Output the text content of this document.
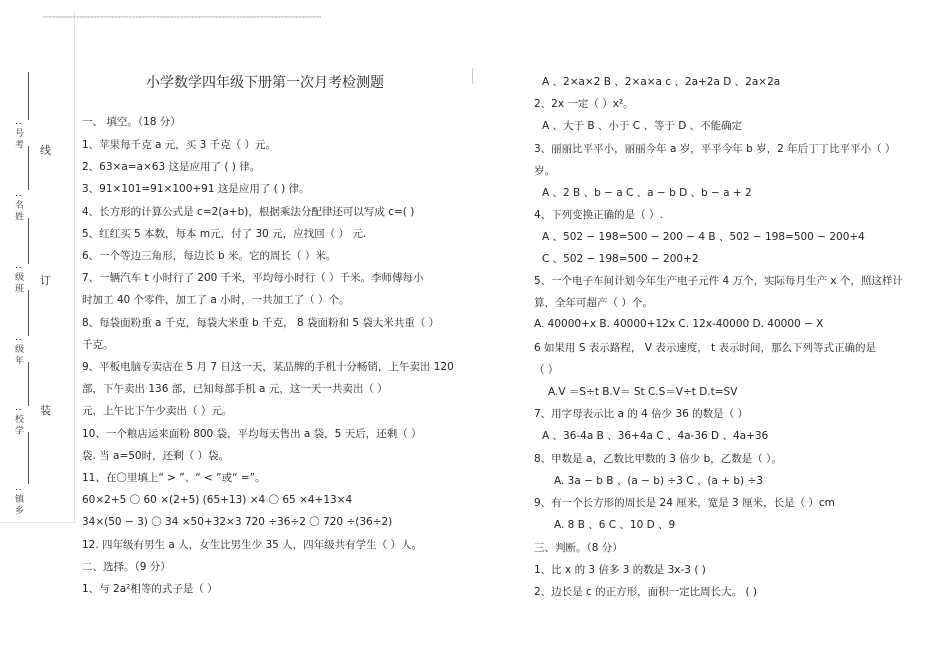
⋯⋯⋯⋯⋯⋯⋯⋯⋯⋯⋯⋯⋯⋯⋯⋯⋯⋯⋯⋯⋯⋯⋯⋯⋯⋯⋯⋯⋯⋯⋯⋯⋯⋯⋯⋯⋯⋯⋯⋯⋯⋯⋯⋯⋯⋯⋯⋯⋯⋯⋯⋯⋯⋯⋯⋯⋯⋯⋯⋯⋯⋯⋯⋯⋯⋯
线
订
装
: 号 考
: 名 姓
: 级 班
: 级 年
: 校 学
: 镇 乡
小学数学四年级下册第一次月考检测题
一、 填空。（18 分）
1、苹果每千克 a 元，买 3 千克（ ）元。
2、63×a=a×63 这是应用了 ( ) 律。
3、91×101=91×100+91 这是应用了 ( ) 律。
4、长方形的计算公式是 c=2(a+b)，根据乘法分配律还可以写成 c=( )
5、红红买 5 本数，每本 m元，付了 30 元，应找回（ ） 元.
6、一个等边三角形，每边长 b 米。它的周长（ ）米。
7、一辆汽车 t 小时行了 200 千米，平均每小时行（ ）千米。李师傅每小
时加工 40 个零件，加工了 a 小时，一共加工了（ ）个。
8、每袋面粉重 a 千克，每袋大米重 b 千克， 8 袋面粉和 5 袋大米共重（ ）
千克。
9、平板电脑专卖店在 5 月 7 日这一天，某品牌的手机十分畅销，上午卖出 120
部，下午卖出 136 部，已知每部手机 a 元，这一天一共卖出（ ）
元，上午比下午少卖出（ ）元。
10、一个粮店运来面粉 800 袋，平均每天售出 a 袋，5 天后，还剩（ ）
袋. 当 a=50时，还剩（ ）袋。
11、在〇里填上“ > ”、“ < ”或“ =”。
60×2+5 〇 60 ×(2+5) (65+13) ×4 〇 65 ×4+13×4
34×(50 − 3) 〇 34 ×50+32×3 720 ÷36÷2 〇 720 ÷(36÷2)
12. 四年级有男生 a 人，女生比男生少 35 人，四年级共有学生（ ）人。
二、选择。（9 分）
1、与 2a²相等的式子是（ ）
A 、2×a×2 B 、2×a×a c 、2a+2a D 、2a×2a
2、2x 一定（ ）x²。
A 、大于 B 、小于 C 、等于 D 、不能确定
3、丽丽比平平小，丽丽今年 a 岁，平平今年 b 岁，2 年后丁丁比平平小（ ）
岁。
A 、2 B 、b − a C 、a − b D 、b − a + 2
4、下列变换正确的是（ ）.
A 、502 − 198=500 − 200 − 4 B 、502 − 198=500 − 200+4
C 、502 − 198=500 − 200+2
5、一个电子车间计划今年生产电子元件 4 万个，实际每月生产 x 个，照这样计
算，全年可超产（ ）个。
A. 40000+x B. 40000+12x C. 12x-40000 D. 40000 − X
6 如果用 S 表示路程， V 表示速度， t 表示时间，那么下列等式正确的是
（ ）
A.V ＝S÷t B.V＝ St C.S＝V÷t D.t=SV
7、用字母表示比 a 的 4 倍少 36 的数是（ ）
A 、36-4a B 、36+4a C 、4a-36 D 、4a+36
8、甲数是 a，乙数比甲数的 3 倍少 b，乙数是（ ）。
A. 3a − b B 、(a − b) ÷3 C 、(a + b) ÷3
9、有一个长方形的周长是 24 厘米，宽是 3 厘米，长是（ ）cm
A. 8 B 、6 C 、10 D 、9
三、判断。（8 分）
1、比 x 的 3 倍多 3 的数是 3x-3 ( )
2、边长是 c 的正方形，面积一定比周长大。 ( )
